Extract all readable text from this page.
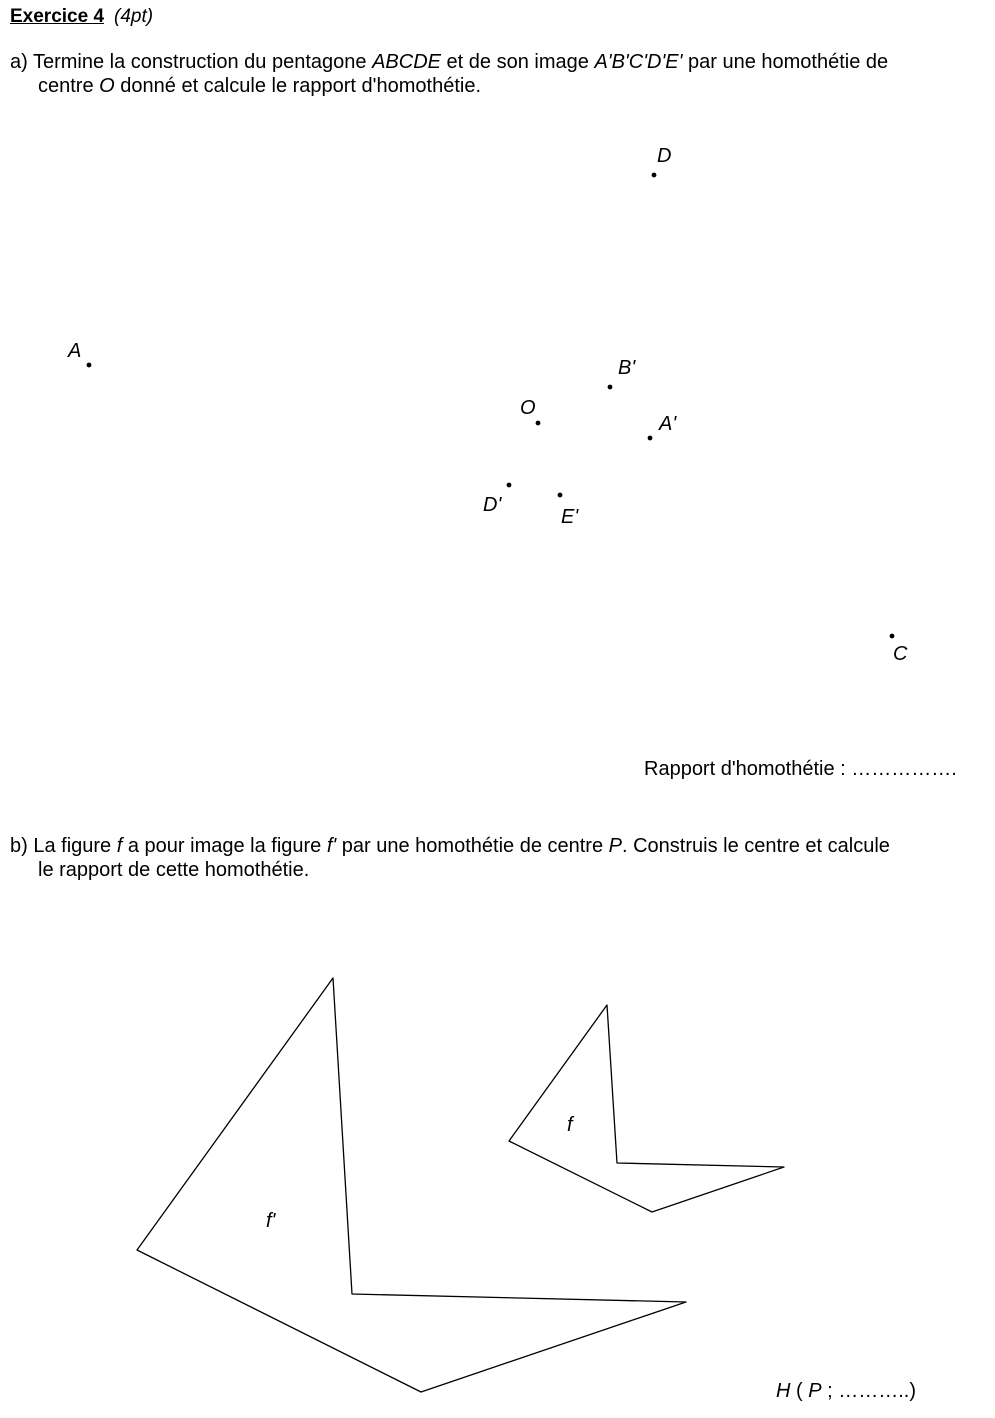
Exercice 4 (4pt)
a) Termine la construction du pentagone ABCDE et de son image A'B'C'D'E' par une homothétie de
centre O donné et calcule le rapport d'homothétie.
Rapport d'homothétie : …………….
b) La figure f a pour image la figure f' par une homothétie de centre P. Construis le centre et calcule
le rapport de cette homothétie.
H ( P ; ………..)
D
A
B'
O
A'
D'
E'
C
f'
f
